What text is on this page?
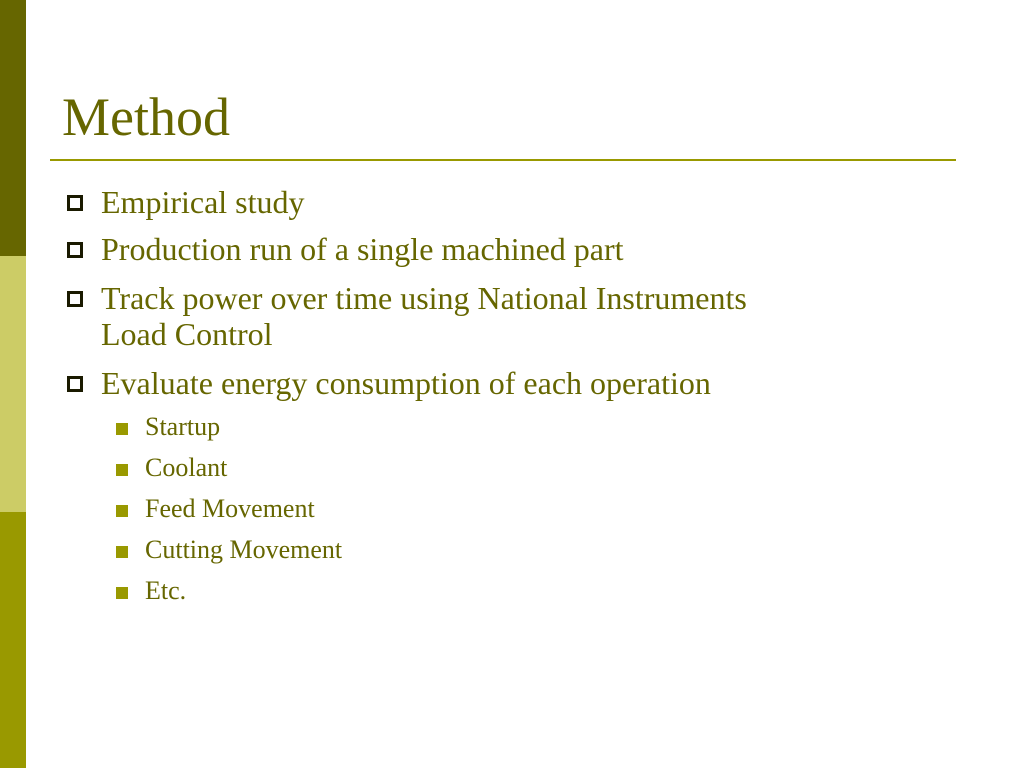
Method
Empirical study
Production run of a single machined part
Track power over time using National Instruments
Load Control
Evaluate energy consumption of each operation
Startup
Coolant
Feed Movement
Cutting Movement
Etc.
